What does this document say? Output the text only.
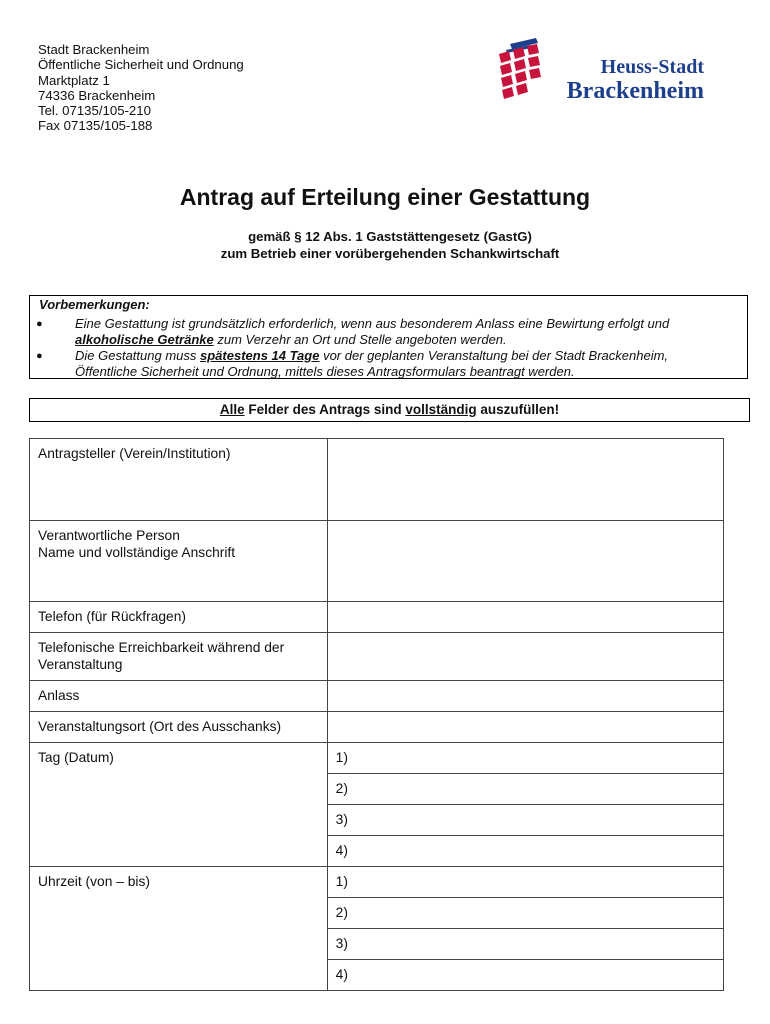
Stadt Brackenheim
Öffentliche Sicherheit und Ordnung
Marktplatz 1
74336 Brackenheim
Tel. 07135/105-210
Fax 07135/105-188
Heuss-Stadt
Brackenheim
Antrag auf Erteilung einer Gestattung
gemäß § 12 Abs. 1 Gaststättengesetz (GastG)
zum Betrieb einer vorübergehenden Schankwirtschaft
Vorbemerkungen:
● Eine Gestattung ist grundsätzlich erforderlich, wenn aus besonderem Anlass eine Bewirtung erfolgt und
alkoholische Getränke zum Verzehr an Ort und Stelle angeboten werden.
● Die Gestattung muss spätestens 14 Tage vor der geplanten Veranstaltung bei der Stadt Brackenheim,
Öffentliche Sicherheit und Ordnung, mittels dieses Antragsformulars beantragt werden.
Alle Felder des Antrags sind vollständig auszufüllen!
Antragsteller (Verein/Institution)	

Verantwortliche Person
Name und vollständige Anschrift	

Telefon (für Rückfragen)	

Telefonische Erreichbarkeit während der
Veranstaltung	

Anlass	

Veranstaltungsort (Ort des Ausschanks)	

Tag (Datum)	1)
	2)
	3)
	4)

Uhrzeit (von – bis)	1)
	2)
	3)
	4)
